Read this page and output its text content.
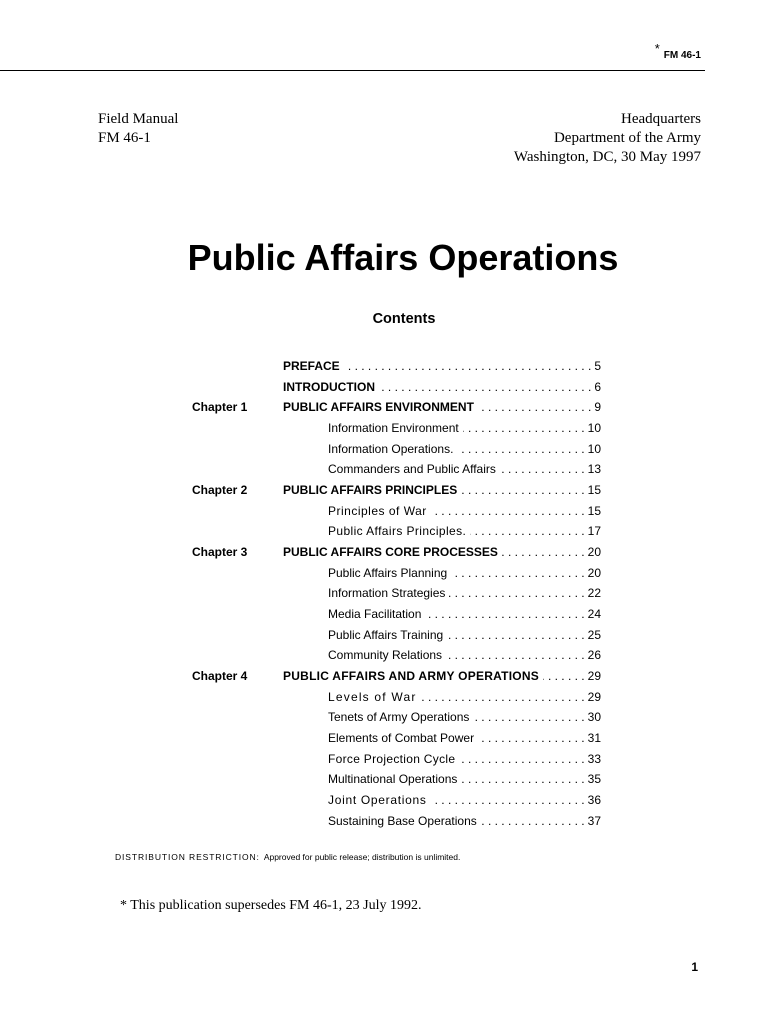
* FM 46-1
Field Manual
FM 46-1
Headquarters
Department of the Army
Washington, DC, 30 May 1997
Public Affairs Operations
Contents
PREFACE . . .	5
INTRODUCTION . . .	6
Chapter 1	PUBLIC AFFAIRS ENVIRONMENT . . .	9
Information Environment . . .	10
Information Operations. . . .	10
Commanders and Public Affairs . . .	13
Chapter 2	PUBLIC AFFAIRS PRINCIPLES . . .	15
Principles of War . . .	15
Public Affairs Principles. . . .	17
Chapter 3	PUBLIC AFFAIRS CORE PROCESSES . . .	20
Public Affairs Planning . . .	20
Information Strategies . . .	22
Media Facilitation . . .	24
Public Affairs Training . . .	25
Community Relations . . .	26
Chapter 4	PUBLIC AFFAIRS AND ARMY OPERATIONS . . .	29
Levels of War . . .	29
Tenets of Army Operations . . .	30
Elements of Combat Power . . .	31
Force Projection Cycle . . .	33
Multinational Operations . . .	35
Joint Operations . . .	36
Sustaining Base Operations . . .	37
DISTRIBUTION RESTRICTION: Approved for public release; distribution is unlimited.
* This publication supersedes FM 46-1, 23 July 1992.
1
